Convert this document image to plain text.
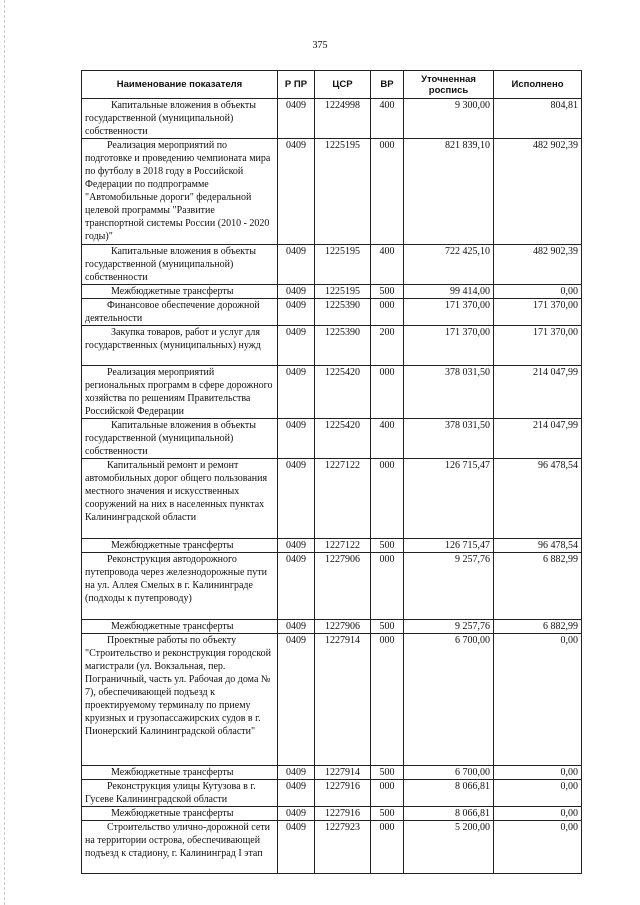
375
Наименование показателя	Р ПР	ЦСР	ВР	Уточненная роспись	Исполнено
Капитальные вложения в объекты государственной (муниципальной) собственности	0409	1224998	400	9 300,00	804,81
Реализация мероприятий по подготовке и проведению чемпионата мира по футболу в 2018 году в Российской Федерации по подпрограмме "Автомобильные дороги" федеральной целевой программы "Развитие транспортной системы России (2010 - 2020 годы)"	0409	1225195	000	821 839,10	482 902,39
Капитальные вложения в объекты государственной (муниципальной) собственности	0409	1225195	400	722 425,10	482 902,39
Межбюджетные трансферты	0409	1225195	500	99 414,00	0,00
Финансовое обеспечение дорожной деятельности	0409	1225390	000	171 370,00	171 370,00
Закупка товаров, работ и услуг для государственных (муниципальных) нужд	0409	1225390	200	171 370,00	171 370,00
Реализация мероприятий региональных программ в сфере дорожного хозяйства по решениям Правительства Российской Федерации	0409	1225420	000	378 031,50	214 047,99
Капитальные вложения в объекты государственной (муниципальной) собственности	0409	1225420	400	378 031,50	214 047,99
Капитальный ремонт и ремонт автомобильных дорог общего пользования местного значения и искусственных сооружений на них в населенных пунктах Калининградской области	0409	1227122	000	126 715,47	96 478,54
Межбюджетные трансферты	0409	1227122	500	126 715,47	96 478,54
Реконструкция автодорожного путепровода через железнодорожные пути на ул. Аллея Смелых в г. Калининграде (подходы к путепроводу)	0409	1227906	000	9 257,76	6 882,99
Межбюджетные трансферты	0409	1227906	500	9 257,76	6 882,99
Проектные работы по объекту "Строительство и реконструкция городской магистрали (ул. Вокзальная, пер. Пограничный, часть ул. Рабочая до дома № 7), обеспечивающей подъезд к проектируемому терминалу по приему круизных и грузопассажирских судов в г. Пионерский Калининградской области"	0409	1227914	000	6 700,00	0,00
Межбюджетные трансферты	0409	1227914	500	6 700,00	0,00
Реконструкция улицы Кутузова в г. Гусеве Калининградской области	0409	1227916	000	8 066,81	0,00
Межбюджетные трансферты	0409	1227916	500	8 066,81	0,00
Строительство улично-дорожной сети на территории острова, обеспечивающей подъезд к стадиону, г. Калининград I этап	0409	1227923	000	5 200,00	0,00
